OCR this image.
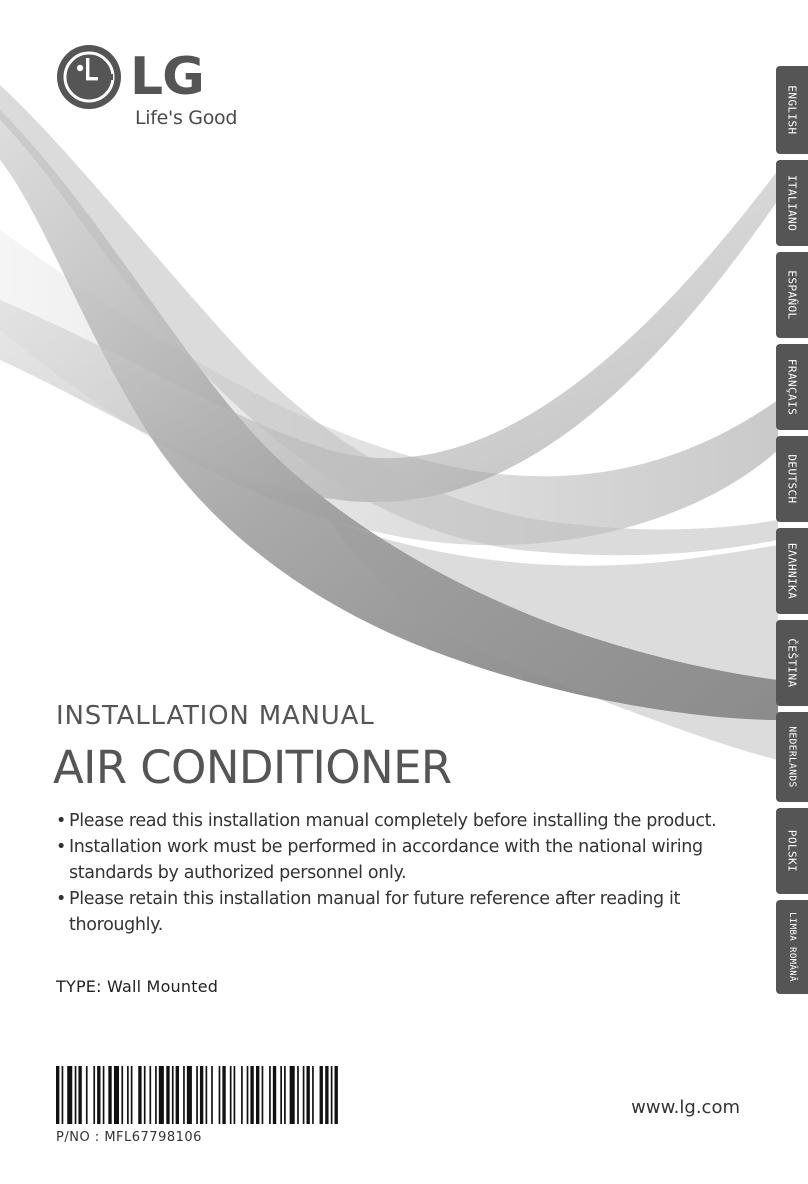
LG
Life's Good	ENGLISH
ITALIANO
ESPAÑOL
FRANÇAIS
DEUTSCH
ΕΛΛΗΝΙΚΑ
ČEŠTINA
NEDERLANDS
POLSKI
LIMBA ROMÂNĂ
INSTALLATION MANUAL
AIR CONDITIONER
• Please read this installation manual completely before installing the product.
• Installation work must be performed in accordance with the national wiring standards by authorized personnel only.
• Please retain this installation manual for future reference after reading it thoroughly.
TYPE: Wall Mounted
P/NO : MFL67798106
www.lg.com
